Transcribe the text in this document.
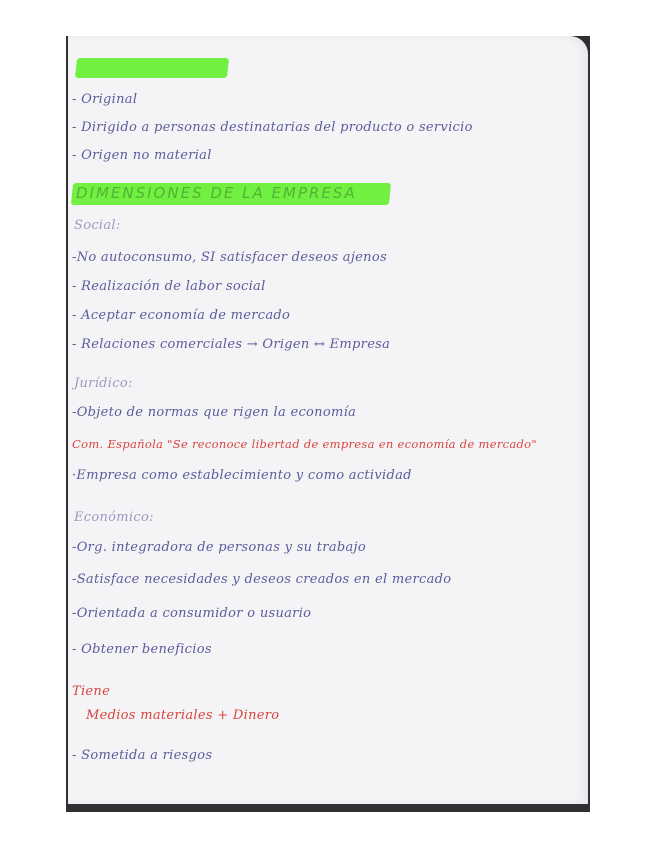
- Original
- Dirigido a personas destinatarias del producto o servicio
- Origen no material
DIMENSIONES DE LA EMPRESA
Social:
-No autoconsumo, SI satisfacer deseos ajenos
- Realización de labor social
- Aceptar economía de mercado
- Relaciones comerciales → Origen ↔ Empresa
Jurídico:
-Objeto de normas que rigen la economía
Com. Española "Se reconoce libertad de empresa en economía de mercado"
·Empresa como establecimiento y como actividad
Económico:
-Org. integradora de personas y su trabajo
-Satisface necesidades y deseos creados en el mercado
-Orientada a consumidor o usuario
- Obtener beneficios
Tiene
Medios materiales + Dinero
- Sometida a riesgos
